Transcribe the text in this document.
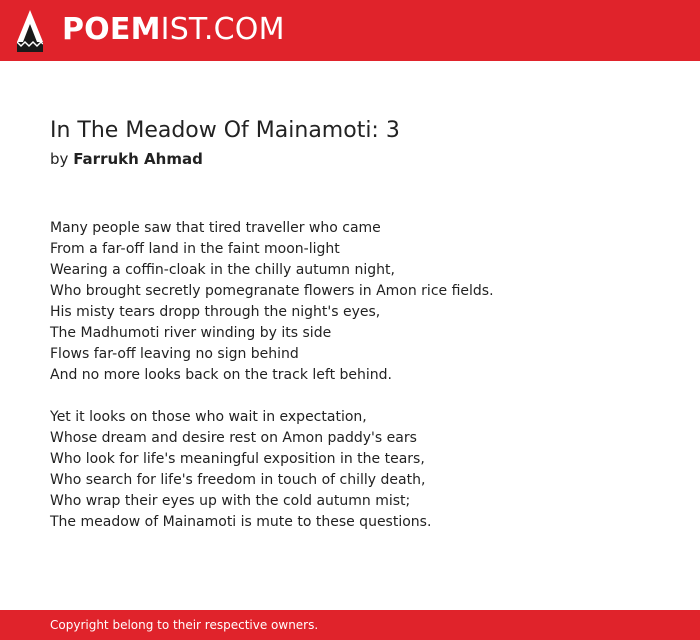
POEMIST.COM
In The Meadow Of Mainamoti: 3
by Farrukh Ahmad
Many people saw that tired traveller who came
From a far-off land in the faint moon-light
Wearing a coffin-cloak in the chilly autumn night,
Who brought secretly pomegranate flowers in Amon rice fields.
His misty tears dropp through the night's eyes,
The Madhumoti river winding by its side
Flows far-off leaving no sign behind
And no more looks back on the track left behind.
Yet it looks on those who wait in expectation,
Whose dream and desire rest on Amon paddy's ears
Who look for life's meaningful exposition in the tears,
Who search for life's freedom in touch of chilly death,
Who wrap their eyes up with the cold autumn mist;
The meadow of Mainamoti is mute to these questions.
Copyright belong to their respective owners.
